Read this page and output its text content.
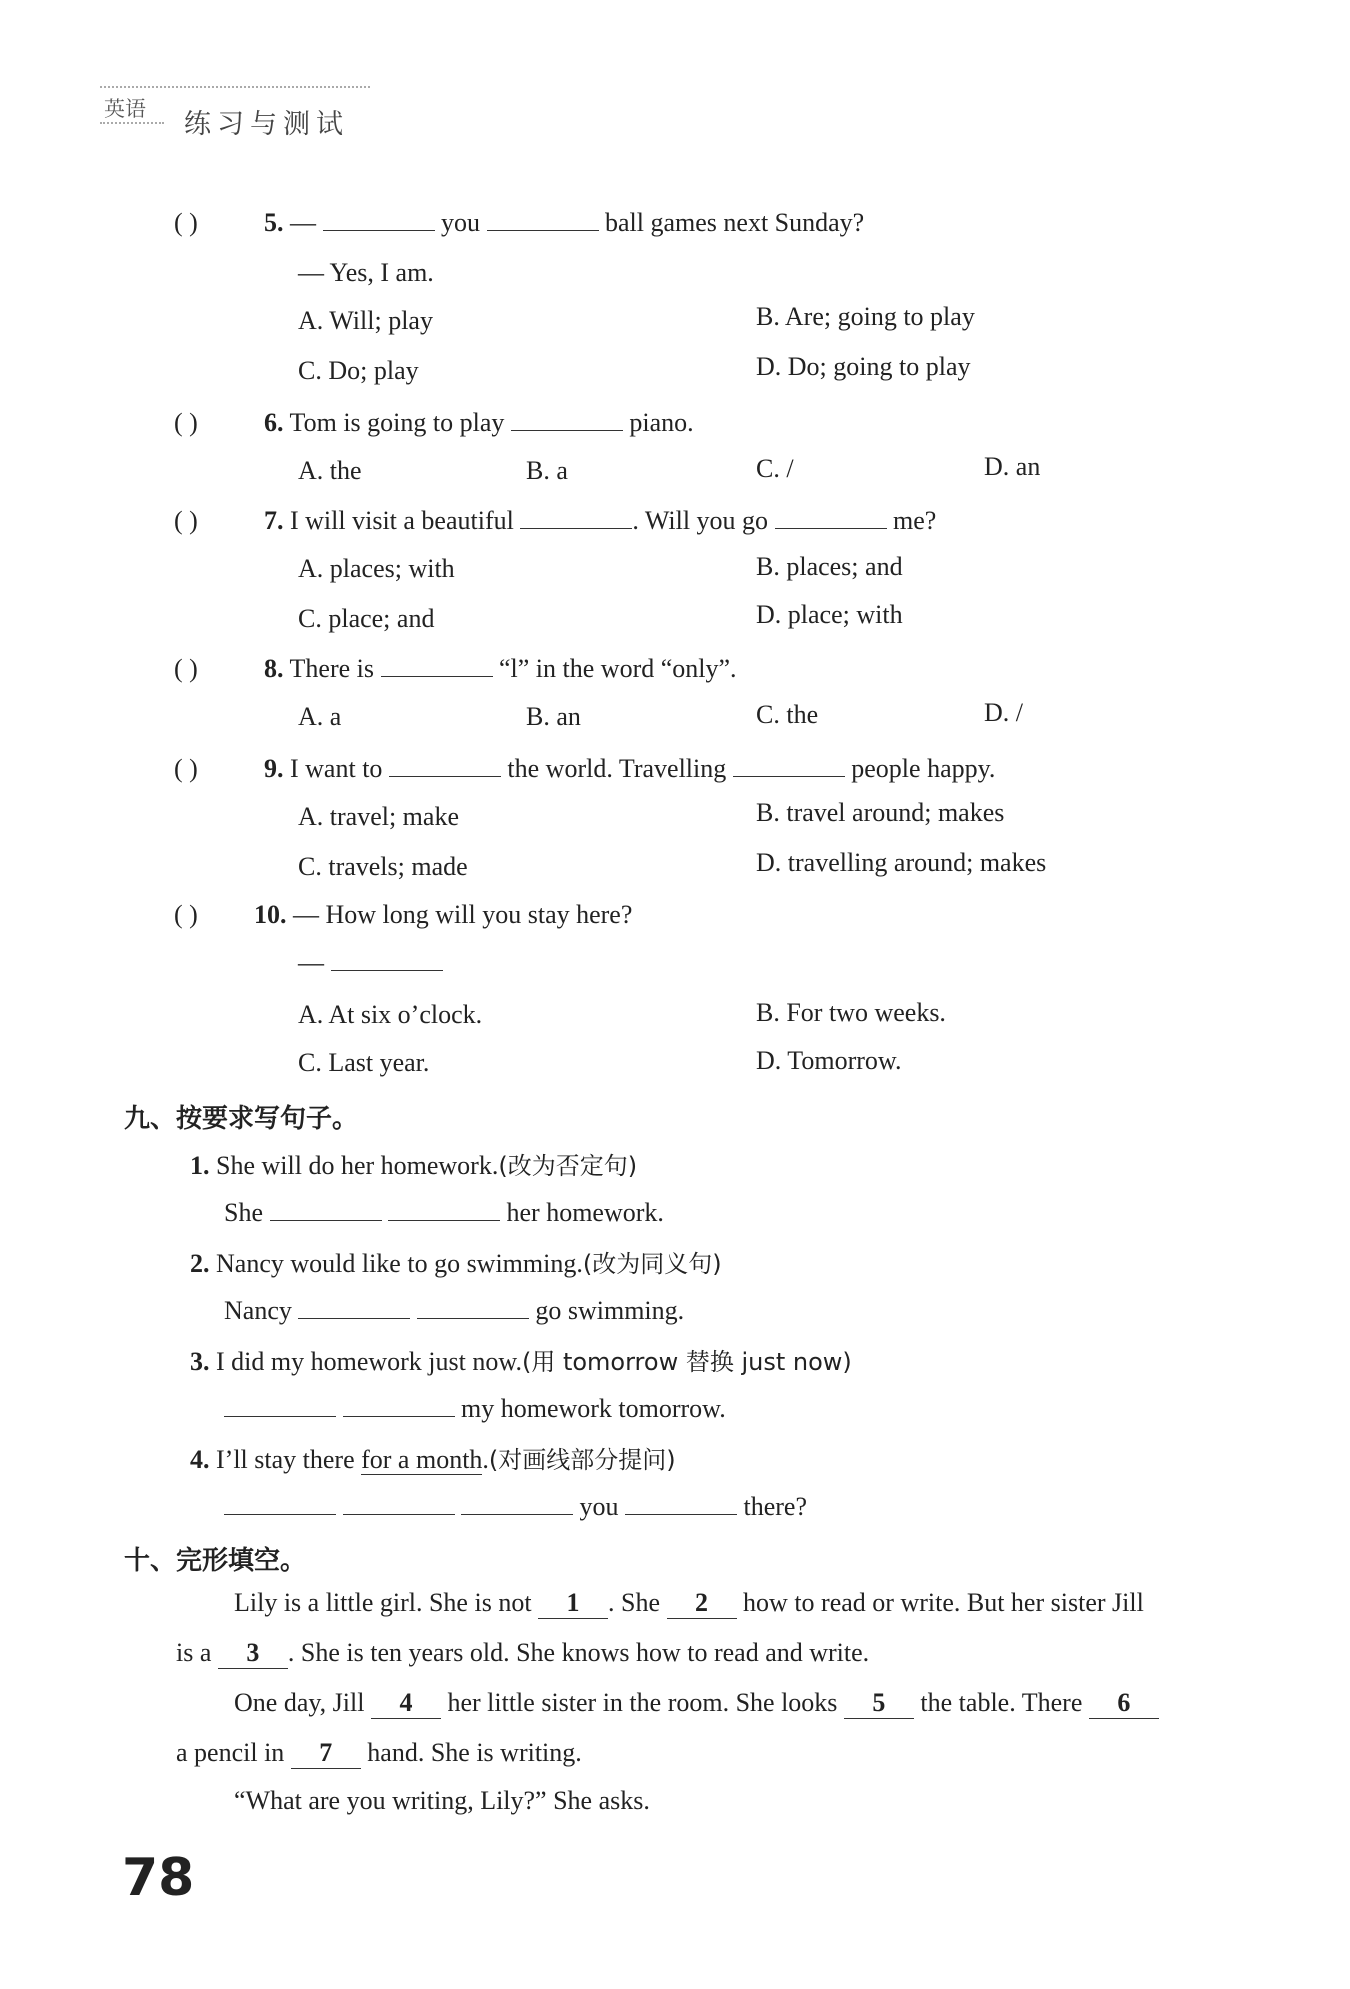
英语 练习与测试
( )	5. —	you	ball games next Sunday?
— Yes, I am.
A. Will; play	B. Are; going to play
C. Do; play	D. Do; going to play
( )	6. Tom is going to play	piano.
A. the	B. a	C. /	D. an
( )	7. I will visit a beautiful	. Will you go	me?
A. places; with	B. places; and
C. place; and	D. place; with
( )	8. There is	“l” in the word “only”.
A. a	B. an	C. the	D. /
( )	9. I want to	the world. Travelling	people happy.
A. travel; make	B. travel around; makes
C. travels; made	D. travelling around; makes
( ) 10. — How long will you stay here?
—
A. At six o’clock.	B. For two weeks.
C. Last year.	D. Tomorrow.
九、按要求写句子。
1. She will do her homework.(改为否定句)
She	her homework.
2. Nancy would like to go swimming.(改为同义句)
Nancy	go swimming.
3. I did my homework just now.(用 tomorrow 替换 just now)
my homework tomorrow.
4. I’ll stay there for a month.(对画线部分提问)
you	there?
十、完形填空。
Lily is a little girl. She is not 1 . She 2 how to read or write. But her sister Jill
is a 3 . She is ten years old. She knows how to read and write.
One day, Jill 4 her little sister in the room. She looks 5 the table. There 6
a pencil in 7 hand. She is writing.
“What are you writing, Lily?” She asks.
78
